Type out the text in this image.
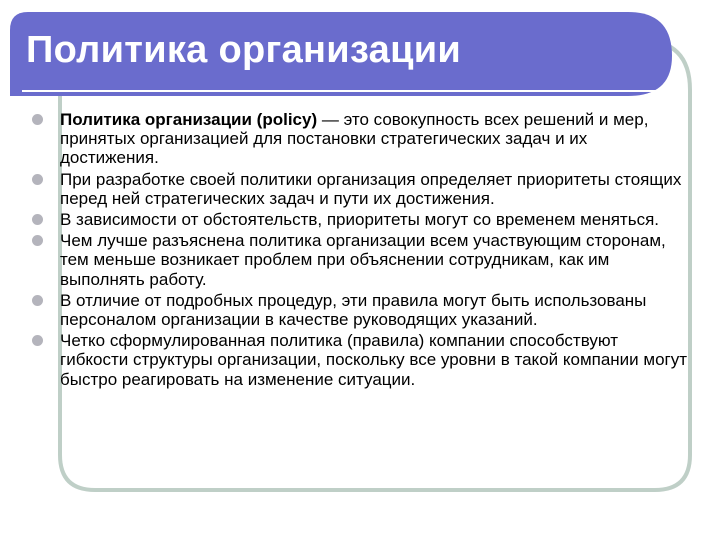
Политика организации
Политика организации (policy) — это совокупность всех решений и мер, принятых организацией для постановки стратегических задач и их достижения.
При разработке своей политики организация определяет приоритеты стоящих перед ней стратегических задач и пути их достижения.
В зависимости от обстоятельств, приоритеты могут со временем меняться.
Чем лучше разъяснена политика организации всем участвующим сторонам, тем меньше возникает проблем при объяснении сотрудникам, как им выполнять работу.
В отличие от подробных процедур, эти правила могут быть использованы персоналом организации в качестве руководящих указаний.
Четко сформулированная политика (правила) компании способствуют гибкости структуры организации, поскольку все уровни в такой компании могут быстро реагировать на изменение ситуации.
